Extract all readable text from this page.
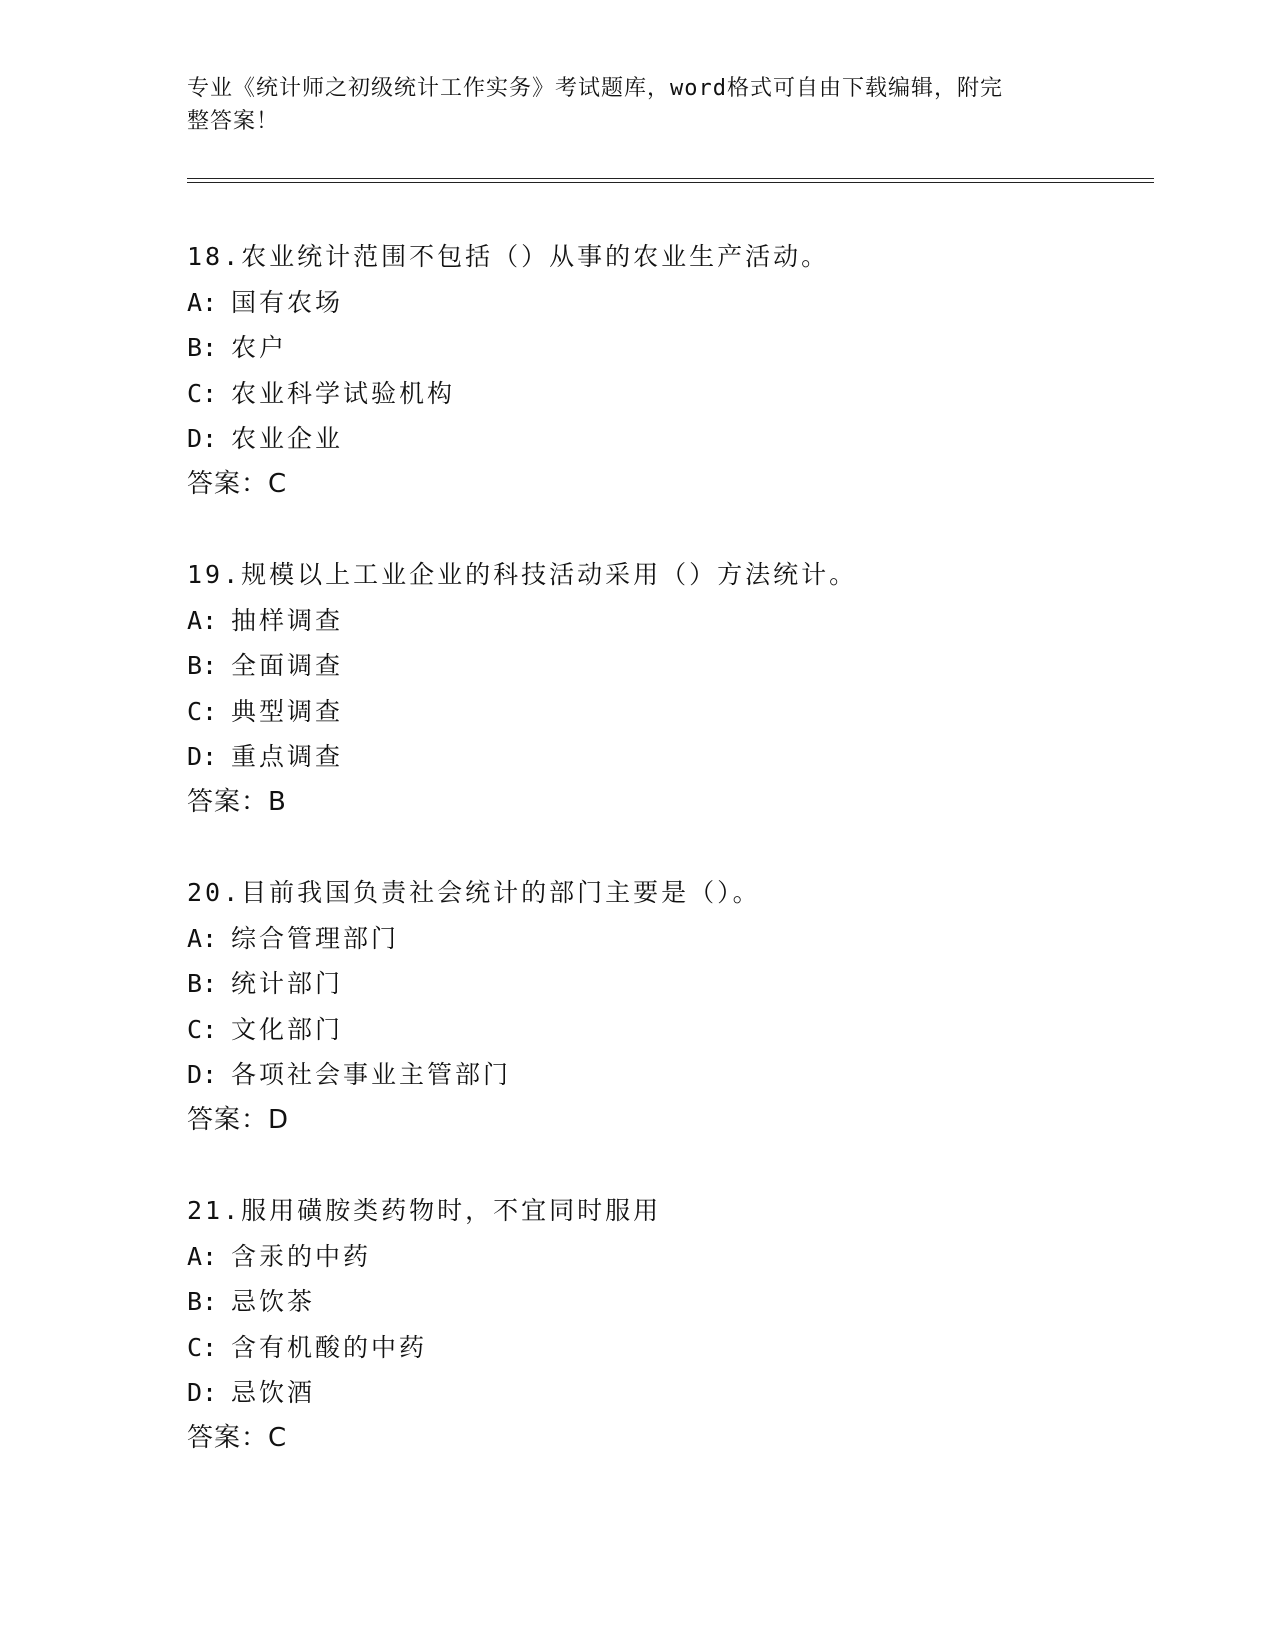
专业《统计师之初级统计工作实务》考试题库，word格式可自由下载编辑，附完
整答案！
18.农业统计范围不包括（）从事的农业生产活动。
A: 国有农场
B: 农户
C: 农业科学试验机构
D: 农业企业
答案：C
19.规模以上工业企业的科技活动采用（）方法统计。
A: 抽样调查
B: 全面调查
C: 典型调查
D: 重点调查
答案：B
20.目前我国负责社会统计的部门主要是（）。
A: 综合管理部门
B: 统计部门
C: 文化部门
D: 各项社会事业主管部门
答案：D
21.服用磺胺类药物时，不宜同时服用
A: 含汞的中药
B: 忌饮茶
C: 含有机酸的中药
D: 忌饮酒
答案：C
